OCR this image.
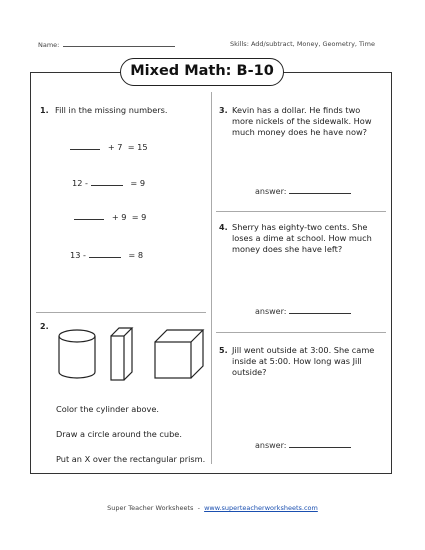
Name:	Skills: Add/subtract, Money, Geometry, Time
Mixed Math: B-10
1. Fill in the missing numbers.
+ 7 = 15
12 -	= 9
+ 9 = 9
13 -	= 8
2.
Color the cylinder above.
Draw a circle around the cube.
Put an X over the rectangular prism.
3. Kevin has a dollar. He finds two more nickels of the sidewalk. How much money does he have now?
answer:
4. Sherry has eighty-two cents. She loses a dime at school. How much money does she have left?
answer:
5. Jill went outside at 3:00. She came inside at 5:00. How long was Jill outside?
answer:
Super Teacher Worksheets - www.superteacherworksheets.com
